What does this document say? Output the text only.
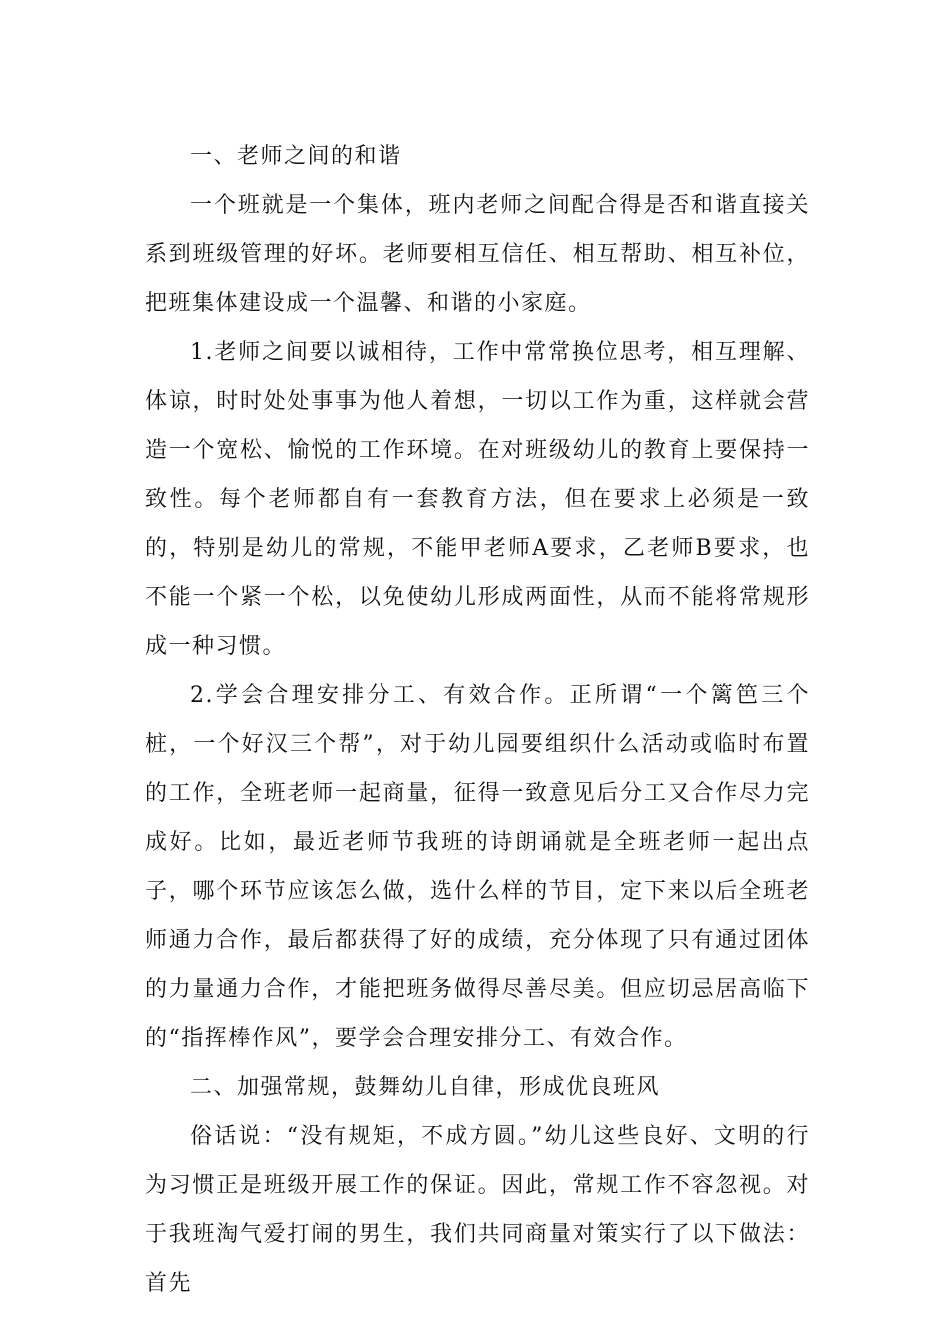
一、老师之间的和谐

一个班就是一个集体，班内老师之间配合得是否和谐直接关系到班级管理的好坏。老师要相互信任、相互帮助、相互补位，把班集体建设成一个温馨、和谐的小家庭。

1.老师之间要以诚相待，工作中常常换位思考，相互理解、体谅，时时处处事事为他人着想，一切以工作为重，这样就会营造一个宽松、愉悦的工作环境。在对班级幼儿的教育上要保持一致性。每个老师都自有一套教育方法，但在要求上必须是一致的，特别是幼儿的常规，不能甲老师A要求，乙老师B要求，也不能一个紧一个松，以免使幼儿形成两面性，从而不能将常规形成一种习惯。

2.学会合理安排分工、有效合作。正所谓“一个篱笆三个桩，一个好汉三个帮”，对于幼儿园要组织什么活动或临时布置的工作，全班老师一起商量，征得一致意见后分工又合作尽力完成好。比如，最近老师节我班的诗朗诵就是全班老师一起出点子，哪个环节应该怎么做，选什么样的节目，定下来以后全班老师通力合作，最后都获得了好的成绩，充分体现了只有通过团体的力量通力合作，才能把班务做得尽善尽美。但应切忌居高临下的“指挥棒作风”，要学会合理安排分工、有效合作。

二、加强常规，鼓舞幼儿自律，形成优良班风

俗话说：“没有规矩，不成方圆。”幼儿这些良好、文明的行为习惯正是班级开展工作的保证。因此，常规工作不容忽视。对于我班淘气爱打闹的男生，我们共同商量对策实行了以下做法：首先
